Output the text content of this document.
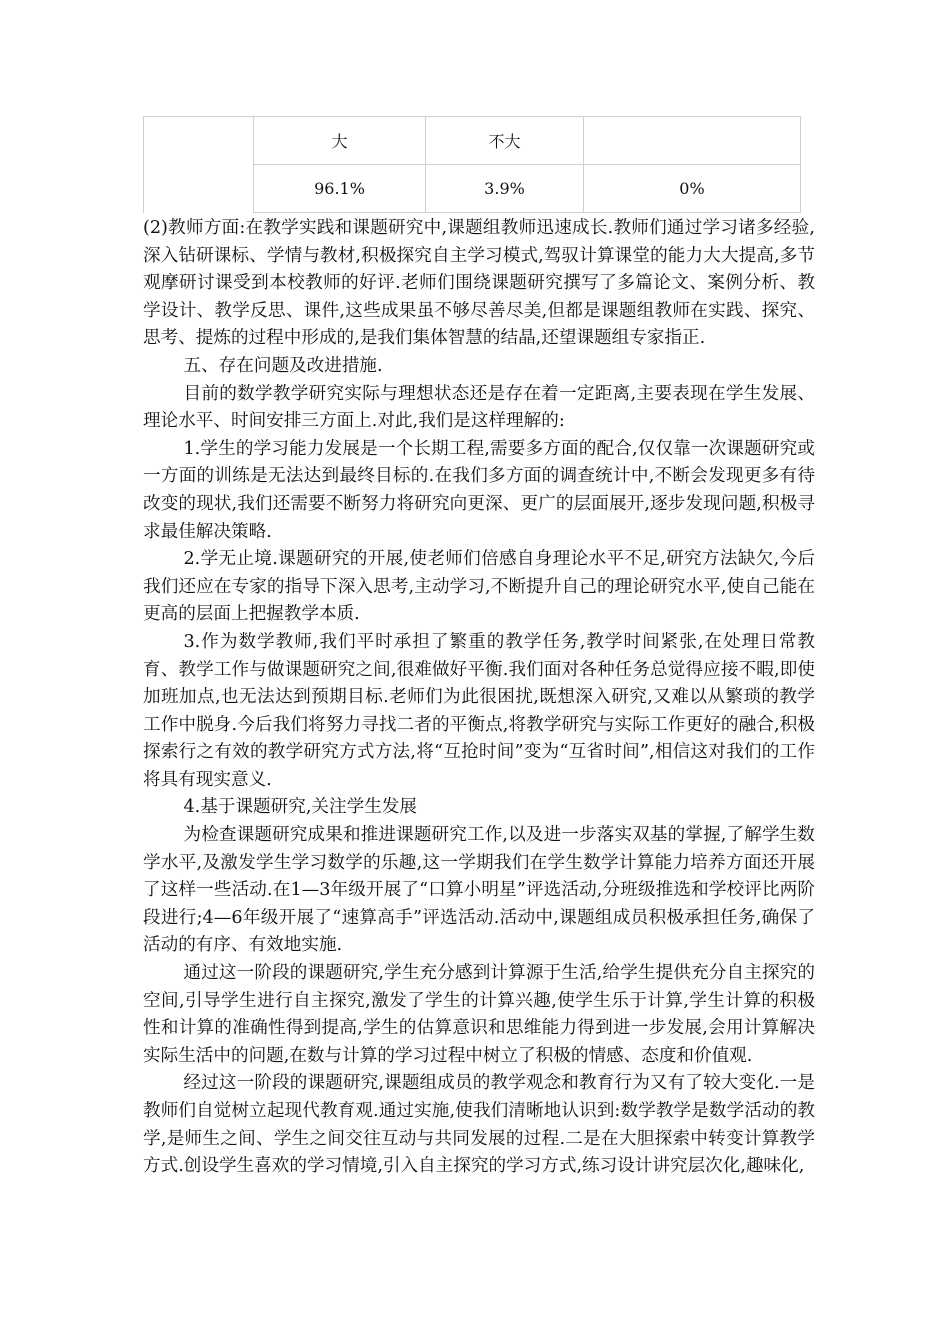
	大	不大	
	96.1%	3.9%	0%

(2)教师方面:在教学实践和课题研究中,课题组教师迅速成长.教师们通过学习诸多经验,深入钻研课标、学情与教材,积极探究自主学习模式,驾驭计算课堂的能力大大提高,多节观摩研讨课受到本校教师的好评.老师们围绕课题研究撰写了多篇论文、案例分析、教学设计、教学反思、课件,这些成果虽不够尽善尽美,但都是课题组教师在实践、探究、思考、提炼的过程中形成的,是我们集体智慧的结晶,还望课题组专家指正.

五、存在问题及改进措施.

目前的数学教学研究实际与理想状态还是存在着一定距离,主要表现在学生发展、理论水平、时间安排三方面上.对此,我们是这样理解的:

1.学生的学习能力发展是一个长期工程,需要多方面的配合,仅仅靠一次课题研究或一方面的训练是无法达到最终目标的.在我们多方面的调查统计中,不断会发现更多有待改变的现状,我们还需要不断努力将研究向更深、更广的层面展开,逐步发现问题,积极寻求最佳解决策略.

2.学无止境.课题研究的开展,使老师们倍感自身理论水平不足,研究方法缺欠,今后我们还应在专家的指导下深入思考,主动学习,不断提升自己的理论研究水平,使自己能在更高的层面上把握教学本质.

3.作为数学教师,我们平时承担了繁重的教学任务,教学时间紧张,在处理日常教育、教学工作与做课题研究之间,很难做好平衡.我们面对各种任务总觉得应接不暇,即使加班加点,也无法达到预期目标.老师们为此很困扰,既想深入研究,又难以从繁琐的教学工作中脱身.今后我们将努力寻找二者的平衡点,将教学研究与实际工作更好的融合,积极探索行之有效的教学研究方式方法,将“互抢时间”变为“互省时间”,相信这对我们的工作将具有现实意义.

4.基于课题研究,关注学生发展

为检查课题研究成果和推进课题研究工作,以及进一步落实双基的掌握,了解学生数学水平,及激发学生学习数学的乐趣,这一学期我们在学生数学计算能力培养方面还开展了这样一些活动.在1—3年级开展了“口算小明星”评选活动,分班级推选和学校评比两阶段进行;4—6年级开展了“速算高手”评选活动.活动中,课题组成员积极承担任务,确保了活动的有序、有效地实施.

通过这一阶段的课题研究,学生充分感到计算源于生活,给学生提供充分自主探究的空间,引导学生进行自主探究,激发了学生的计算兴趣,使学生乐于计算,学生计算的积极性和计算的准确性得到提高,学生的估算意识和思维能力得到进一步发展,会用计算解决实际生活中的问题,在数与计算的学习过程中树立了积极的情感、态度和价值观.

经过这一阶段的课题研究,课题组成员的教学观念和教育行为又有了较大变化.一是教师们自觉树立起现代教育观.通过实施,使我们清晰地认识到:数学教学是数学活动的教学,是师生之间、学生之间交往互动与共同发展的过程.二是在大胆探索中转变计算教学方式.创设学生喜欢的学习情境,引入自主探究的学习方式,练习设计讲究层次化,趣味化,
